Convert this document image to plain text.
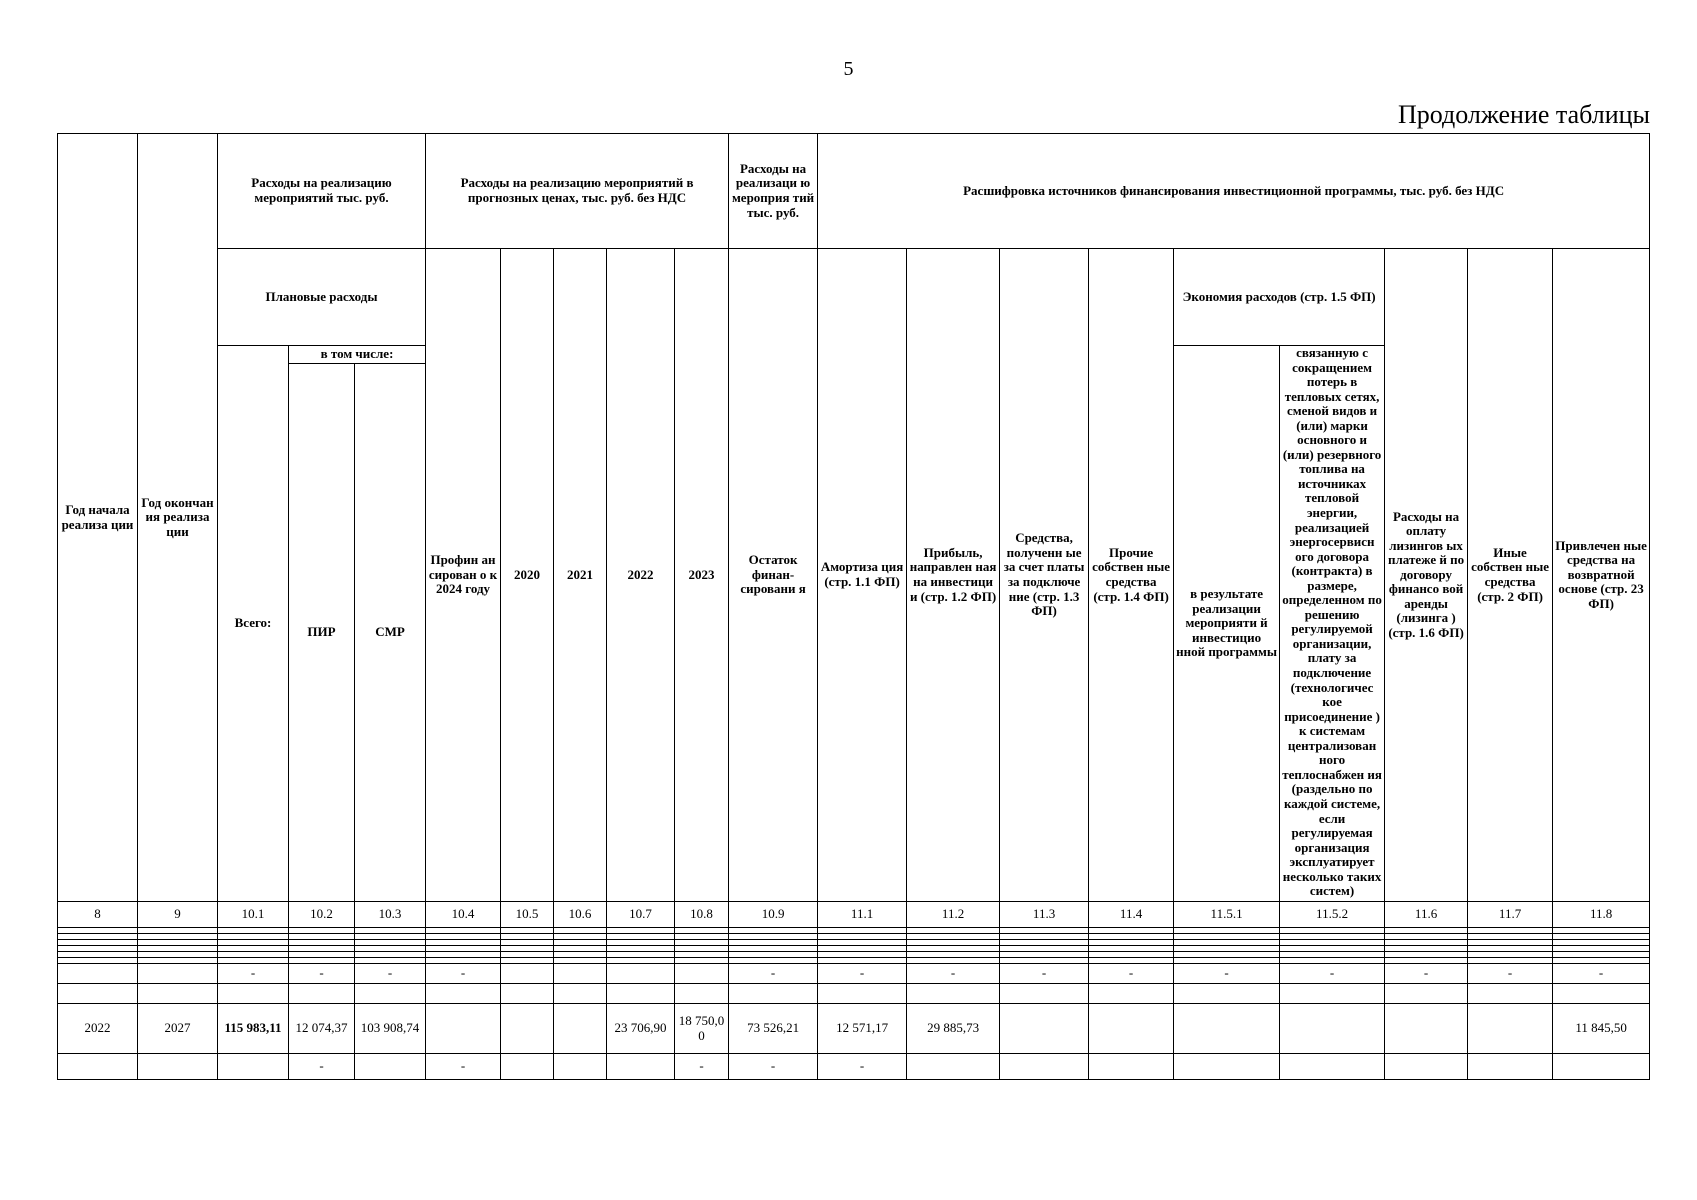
5
Продолжение таблицы
Год начала реализа ции	Год окончан ия реализа ции	Расходы на реализацию мероприятий тыс. руб.			Расходы на реализацию мероприятий в прогнозных ценах, тыс. руб. без НДС					Расходы на реализаци ю мероприя тий тыс. руб.	Расшифровка источников финансирования инвестиционной программы, тыс. руб. без НДС								
		Плановые расходы			Профин ан сирован о к 2024 году	2020	2021	2022	2023	Остаток финан-сировани я	Амортиза ция (стр. 1.1 ФП)	Прибыль, направлен ная на инвестици и (стр. 1.2 ФП)	Средства, полученн ые за счет платы за подключе ние (стр. 1.3 ФП)	Прочие собствен ные средства (стр. 1.4 ФП)	Экономия расходов (стр. 1.5 ФП)		Расходы на оплату лизингов ых платеже й по договору финансо вой аренды (лизинга ) (стр. 1.6 ФП)	Иные собствен ные средства (стр. 2 ФП)	Привлечен ные средства на возвратной основе (стр. 23 ФП)
		Всего:	в том числе:												в результате реализации мероприяти й инвестицио нной программы	связанную с сокращением потерь в тепловых сетях, сменой видов и (или) марки основного и (или) резервного топлива на источниках тепловой энергии, реализацией энергосервисн ого договора (контракта) в размере, определенном по решению регулируемой организации, плату за подключение (технологичес кое присоединение ) к системам централизован ного теплоснабжен ия (раздельно по каждой системе, если регулируемая организация эксплуатирует несколько таких систем)			
			ПИР	СМР															
8	9	10.1	10.2	10.3	10.4	10.5	10.6	10.7	10.8	10.9	11.1	11.2	11.3	11.4	11.5.1	11.5.2	11.6	11.7	11.8

		-	-	-	-					-	-	-	-	-	-	-	-	-	-

2022	2027	115 983,11	12 074,37	103 908,74				23 706,90	18 750,0 0	73 526,21	12 571,17	29 885,73							11 845,50
			-		-				-	-	-								
